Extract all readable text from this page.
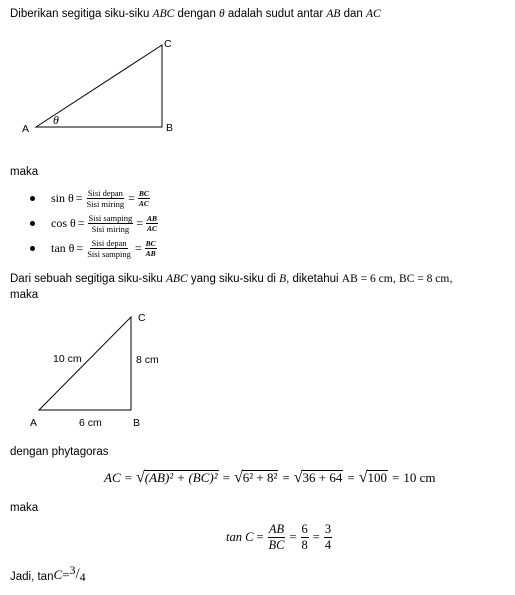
Diberikan segitiga siku-siku ABC dengan θ adalah sudut antar AB dan AC
A	B
C
θ
maka
$\sin \theta = \frac{\text{Sisi depan}}{\text{Sisi miring}} = \frac{BC}{AC}$
$\cos \theta = \frac{\text{Sisi samping}}{\text{Sisi miring}} = \frac{AB}{AC}$
$\tan \theta = \frac{\text{Sisi depan}}{\text{Sisi samping}} = \frac{BC}{AB}$
Dari sebuah segitiga siku-siku ABC yang siku-siku di B, diketahui AB = 6 cm, BC = 8 cm,
maka
A	B
C
10 cm	8 cm
6 cm
dengan phytagoras
AC = √ (AB)² + (BC)² = √ 6² + 8² = √ 36 + 64 = √ 100 = 10 cm
maka
$\tan C = \frac{AB}{BC} = \frac{6}{8} = \frac{3}{4}$
Jadi, tan C = 3 / 4
